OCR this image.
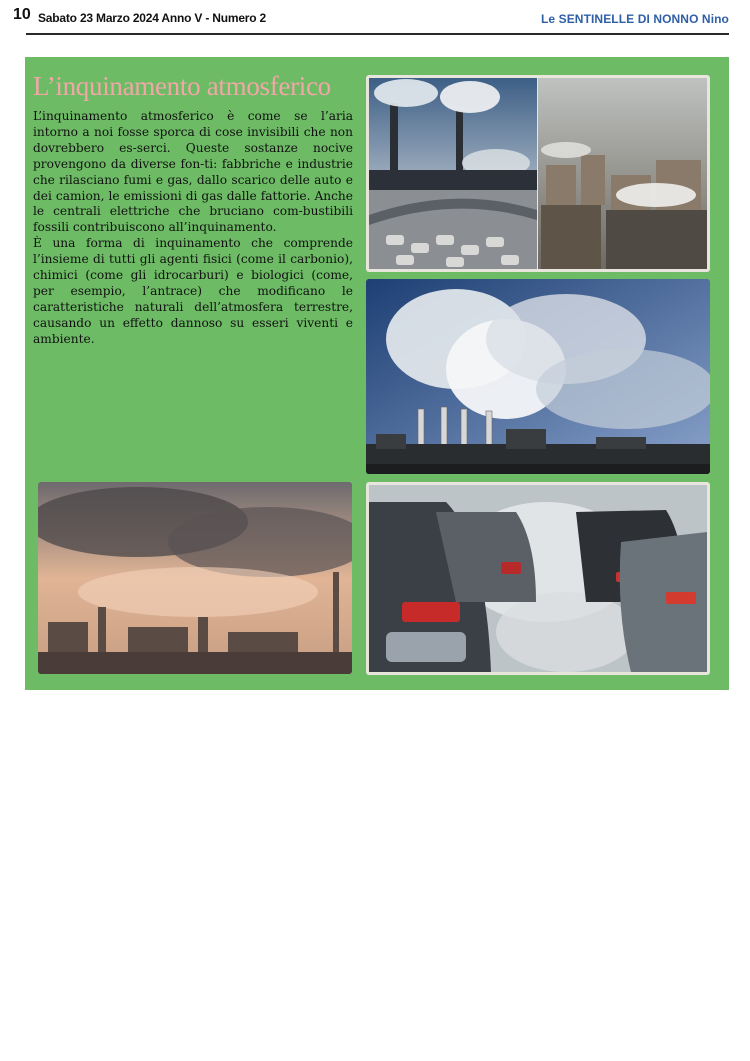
10 Sabato 23 Marzo 2024 Anno V - Numero 2	Le SENTINELLE DI NONNO Nino
L’inquinamento atmosferico

L’inquinamento atmosferico è come se l’aria intorno a noi fosse sporca di cose invisibili che non dovrebbero es-serci. Queste sostanze nocive provengono da diverse fon-ti: fabbriche e industrie che rilasciano fumi e gas, dallo scarico delle auto e dei camion, le emissioni di gas dalle fattorie. Anche le centrali elettriche che bruciano com-bustibili fossili contribuiscono all’inquinamento.

È una forma di inquinamento che comprende l’insieme di tutti gli agenti fisici (come il carbonio), chimici (come gli idrocarburi) e biologici (come, per esempio, l’antrace) che modificano le caratteristiche naturali dell’atmosfera terrestre, causando un effetto dannoso su esseri viventi e ambiente.
